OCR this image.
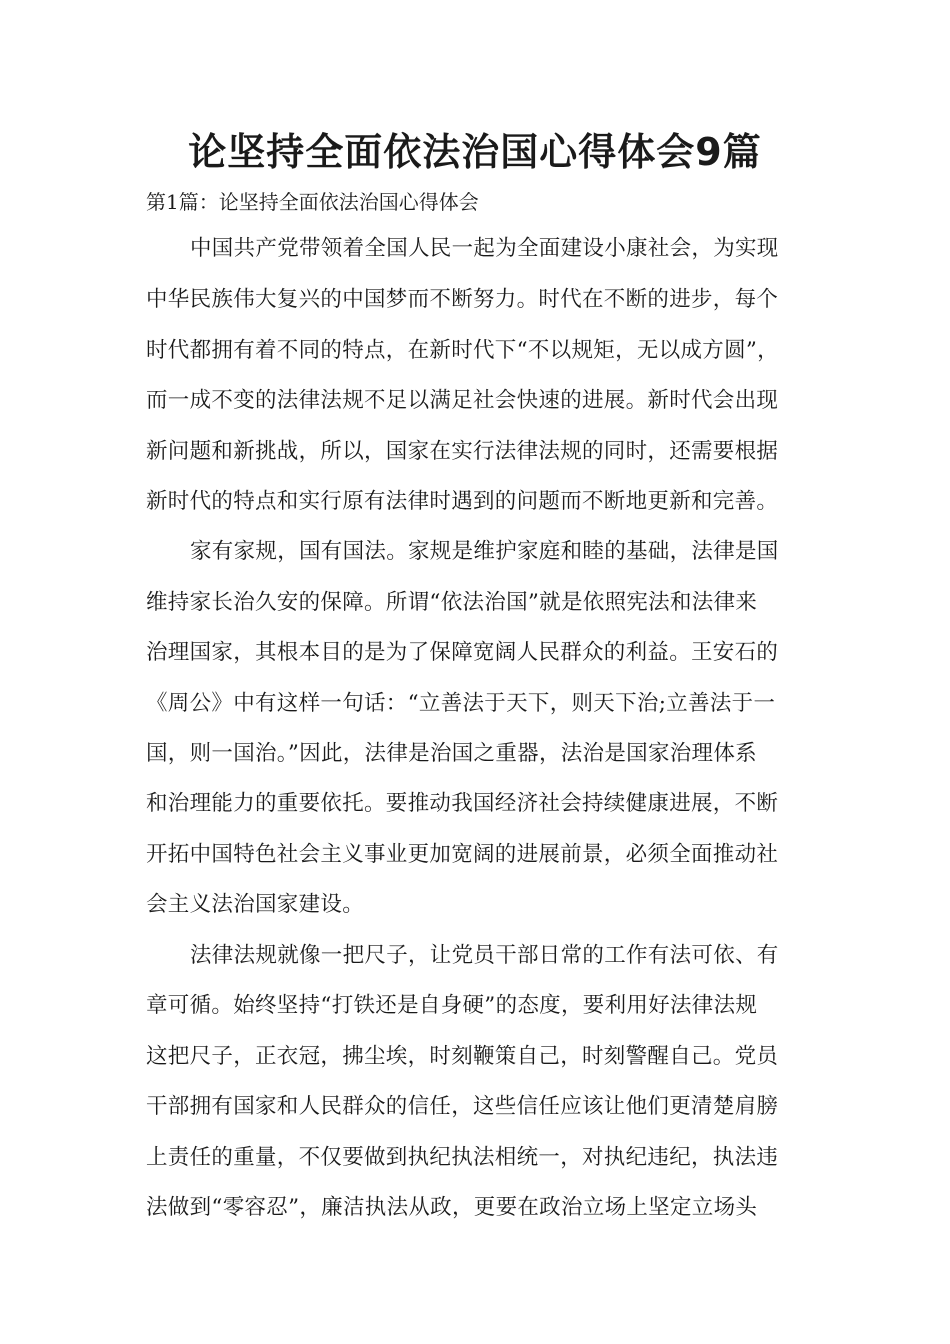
论坚持全面依法治国心得体会9篇

第1篇：论坚持全面依法治国心得体会

中国共产党带领着全国人民一起为全面建设小康社会，为实现
中华民族伟大复兴的中国梦而不断努力。时代在不断的进步，每个
时代都拥有着不同的特点，在新时代下“不以规矩，无以成方圆”，
而一成不变的法律法规不足以满足社会快速的进展。新时代会出现
新问题和新挑战，所以，国家在实行法律法规的同时，还需要根据
新时代的特点和实行原有法律时遇到的问题而不断地更新和完善。
家有家规，国有国法。家规是维护家庭和睦的基础，法律是国
维持家长治久安的保障。所谓“依法治国”就是依照宪法和法律来
治理国家，其根本目的是为了保障宽阔人民群众的利益。王安石的
《周公》中有这样一句话：“立善法于天下，则天下治;立善法于一
国，则一国治。”因此，法律是治国之重器，法治是国家治理体系
和治理能力的重要依托。要推动我国经济社会持续健康进展，不断
开拓中国特色社会主义事业更加宽阔的进展前景，必须全面推动社
会主义法治国家建设。
法律法规就像一把尺子，让党员干部日常的工作有法可依、有
章可循。始终坚持“打铁还是自身硬”的态度，要利用好法律法规
这把尺子，正衣冠，拂尘埃，时刻鞭策自己，时刻警醒自己。党员
干部拥有国家和人民群众的信任，这些信任应该让他们更清楚肩膀
上责任的重量，不仅要做到执纪执法相统一，对执纪违纪，执法违
法做到“零容忍”，廉洁执法从政，更要在政治立场上坚定立场头
